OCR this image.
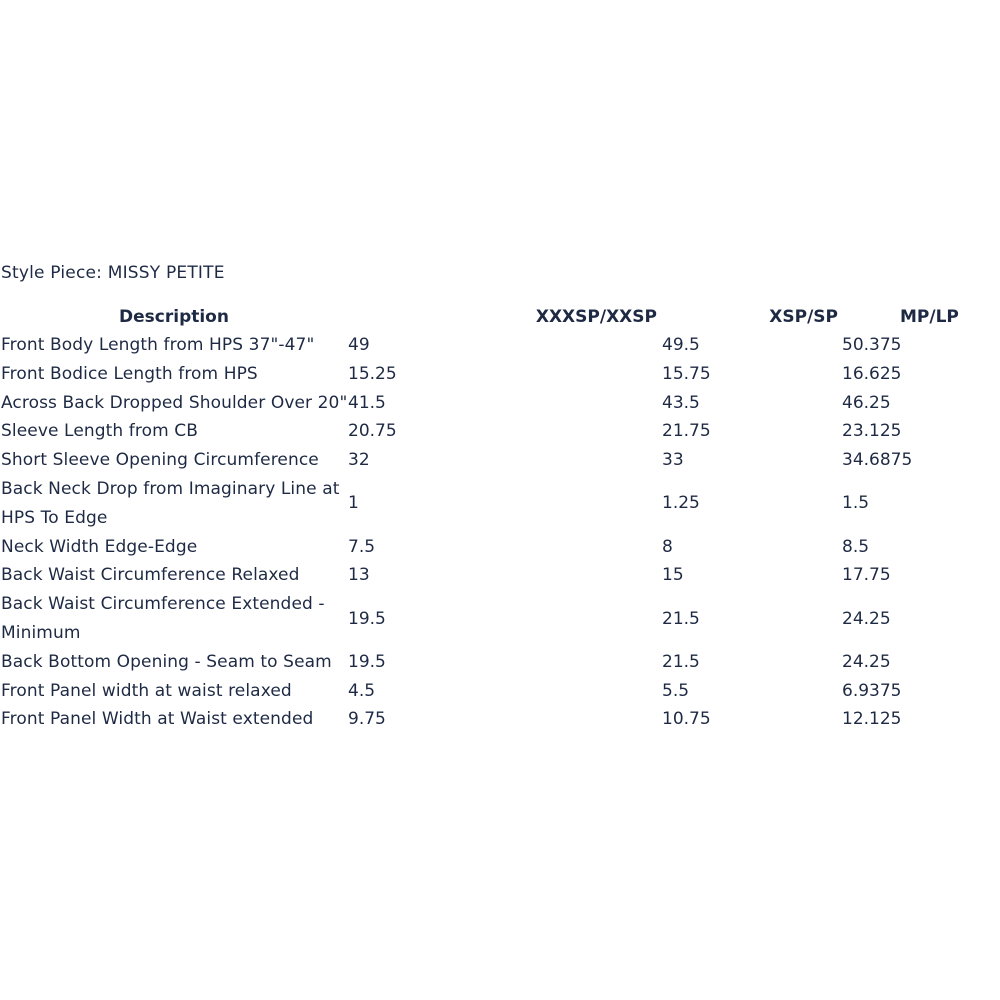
Style Piece: MISSY PETITE
Description	XXXSP/XXSP	XSP/SP	MP/LP
Front Body Length from HPS 37"-47"	49	49.5	50.375
Front Bodice Length from HPS	15.25	15.75	16.625
Across Back Dropped Shoulder Over 20"	41.5	43.5	46.25
Sleeve Length from CB	20.75	21.75	23.125
Short Sleeve Opening Circumference	32	33	34.6875
Back Neck Drop from Imaginary Line at HPS To Edge	1	1.25	1.5
Neck Width Edge-Edge	7.5	8	8.5
Back Waist Circumference Relaxed	13	15	17.75
Back Waist Circumference Extended - Minimum	19.5	21.5	24.25
Back Bottom Opening - Seam to Seam	19.5	21.5	24.25
Front Panel width at waist relaxed	4.5	5.5	6.9375
Front Panel Width at Waist extended	9.75	10.75	12.125
